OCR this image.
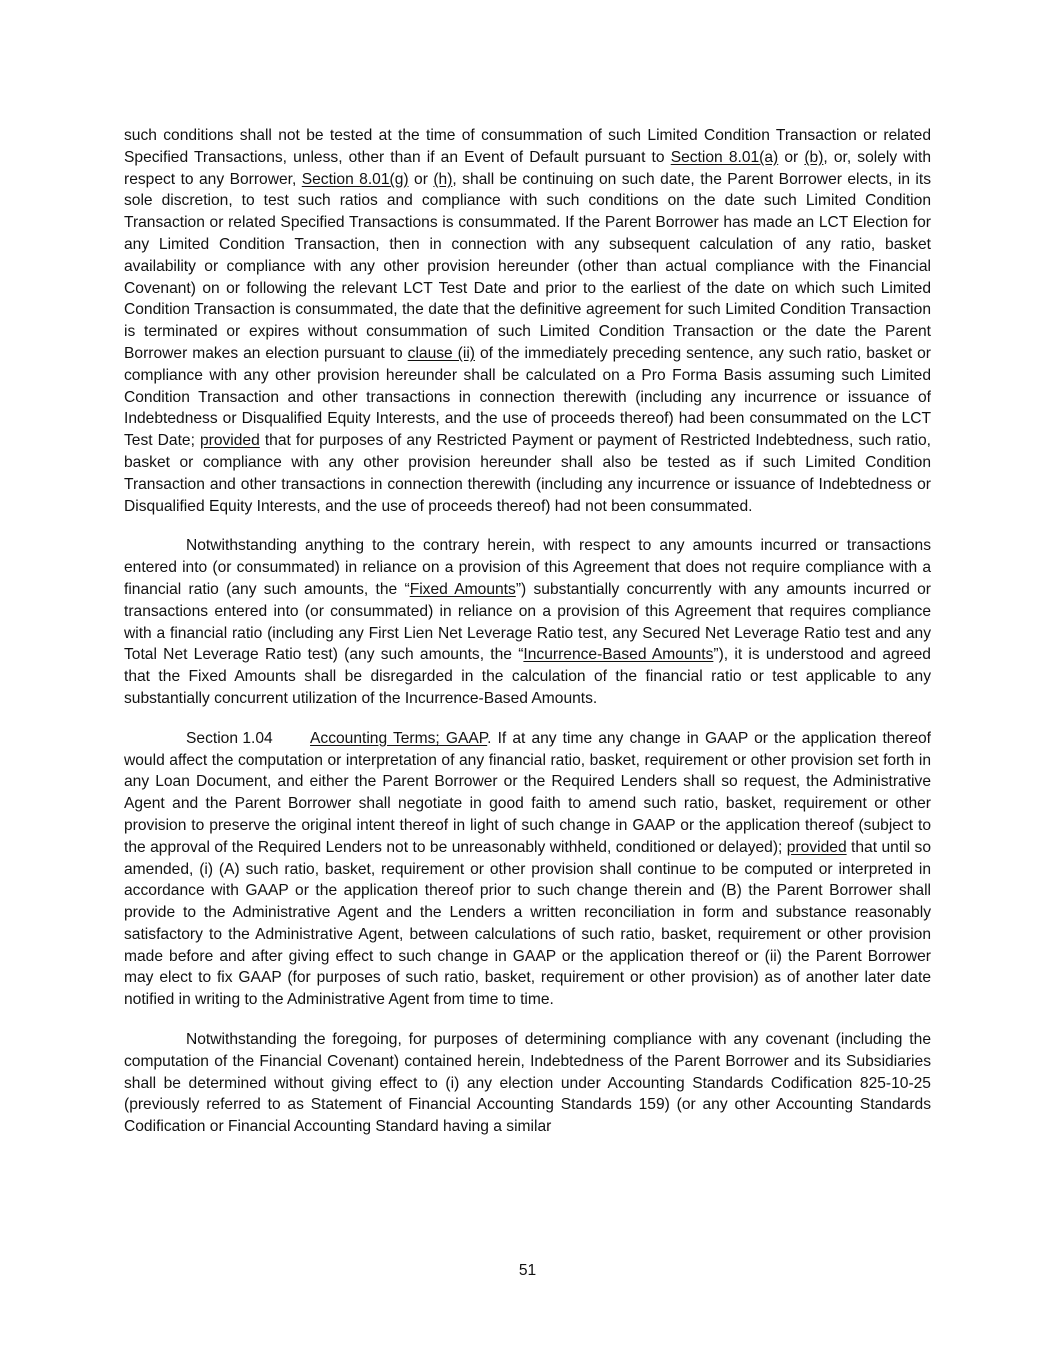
such conditions shall not be tested at the time of consummation of such Limited Condition Transaction or related Specified Transactions, unless, other than if an Event of Default pursuant to Section 8.01(a) or (b), or, solely with respect to any Borrower, Section 8.01(g) or (h), shall be continuing on such date, the Parent Borrower elects, in its sole discretion, to test such ratios and compliance with such conditions on the date such Limited Condition Transaction or related Specified Transactions is consummated. If the Parent Borrower has made an LCT Election for any Limited Condition Transaction, then in connection with any subsequent calculation of any ratio, basket availability or compliance with any other provision hereunder (other than actual compliance with the Financial Covenant) on or following the relevant LCT Test Date and prior to the earliest of the date on which such Limited Condition Transaction is consummated, the date that the definitive agreement for such Limited Condition Transaction is terminated or expires without consummation of such Limited Condition Transaction or the date the Parent Borrower makes an election pursuant to clause (ii) of the immediately preceding sentence, any such ratio, basket or compliance with any other provision hereunder shall be calculated on a Pro Forma Basis assuming such Limited Condition Transaction and other transactions in connection therewith (including any incurrence or issuance of Indebtedness or Disqualified Equity Interests, and the use of proceeds thereof) had been consummated on the LCT Test Date; provided that for purposes of any Restricted Payment or payment of Restricted Indebtedness, such ratio, basket or compliance with any other provision hereunder shall also be tested as if such Limited Condition Transaction and other transactions in connection therewith (including any incurrence or issuance of Indebtedness or Disqualified Equity Interests, and the use of proceeds thereof) had not been consummated.

Notwithstanding anything to the contrary herein, with respect to any amounts incurred or transactions entered into (or consummated) in reliance on a provision of this Agreement that does not require compliance with a financial ratio (any such amounts, the “Fixed Amounts”) substantially concurrently with any amounts incurred or transactions entered into (or consummated) in reliance on a provision of this Agreement that requires compliance with a financial ratio (including any First Lien Net Leverage Ratio test, any Secured Net Leverage Ratio test and any Total Net Leverage Ratio test) (any such amounts, the “Incurrence-Based Amounts”), it is understood and agreed that the Fixed Amounts shall be disregarded in the calculation of the financial ratio or test applicable to any substantially concurrent utilization of the Incurrence-Based Amounts.

Section 1.04 Accounting Terms; GAAP. If at any time any change in GAAP or the application thereof would affect the computation or interpretation of any financial ratio, basket, requirement or other provision set forth in any Loan Document, and either the Parent Borrower or the Required Lenders shall so request, the Administrative Agent and the Parent Borrower shall negotiate in good faith to amend such ratio, basket, requirement or other provision to preserve the original intent thereof in light of such change in GAAP or the application thereof (subject to the approval of the Required Lenders not to be unreasonably withheld, conditioned or delayed); provided that until so amended, (i) (A) such ratio, basket, requirement or other provision shall continue to be computed or interpreted in accordance with GAAP or the application thereof prior to such change therein and (B) the Parent Borrower shall provide to the Administrative Agent and the Lenders a written reconciliation in form and substance reasonably satisfactory to the Administrative Agent, between calculations of such ratio, basket, requirement or other provision made before and after giving effect to such change in GAAP or the application thereof or (ii) the Parent Borrower may elect to fix GAAP (for purposes of such ratio, basket, requirement or other provision) as of another later date notified in writing to the Administrative Agent from time to time.

Notwithstanding the foregoing, for purposes of determining compliance with any covenant (including the computation of the Financial Covenant) contained herein, Indebtedness of the Parent Borrower and its Subsidiaries shall be determined without giving effect to (i) any election under Accounting Standards Codification 825-10-25 (previously referred to as Statement of Financial Accounting Standards 159) (or any other Accounting Standards Codification or Financial Accounting Standard having a similar

51
